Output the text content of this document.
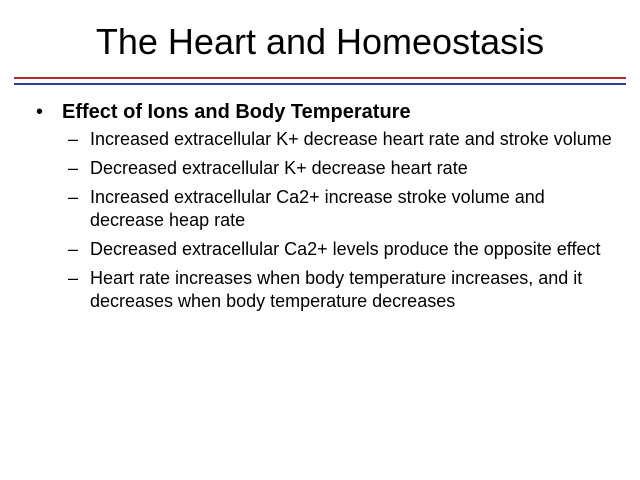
The Heart and Homeostasis
• Effect of Ions and Body Temperature
– Increased extracellular K+ decrease heart rate and stroke volume
– Decreased extracellular K+ decrease heart rate
– Increased extracellular Ca2+ increase stroke volume and decrease heap rate
– Decreased extracellular Ca2+ levels produce the opposite effect
– Heart rate increases when body temperature increases, and it decreases when body temperature decreases
